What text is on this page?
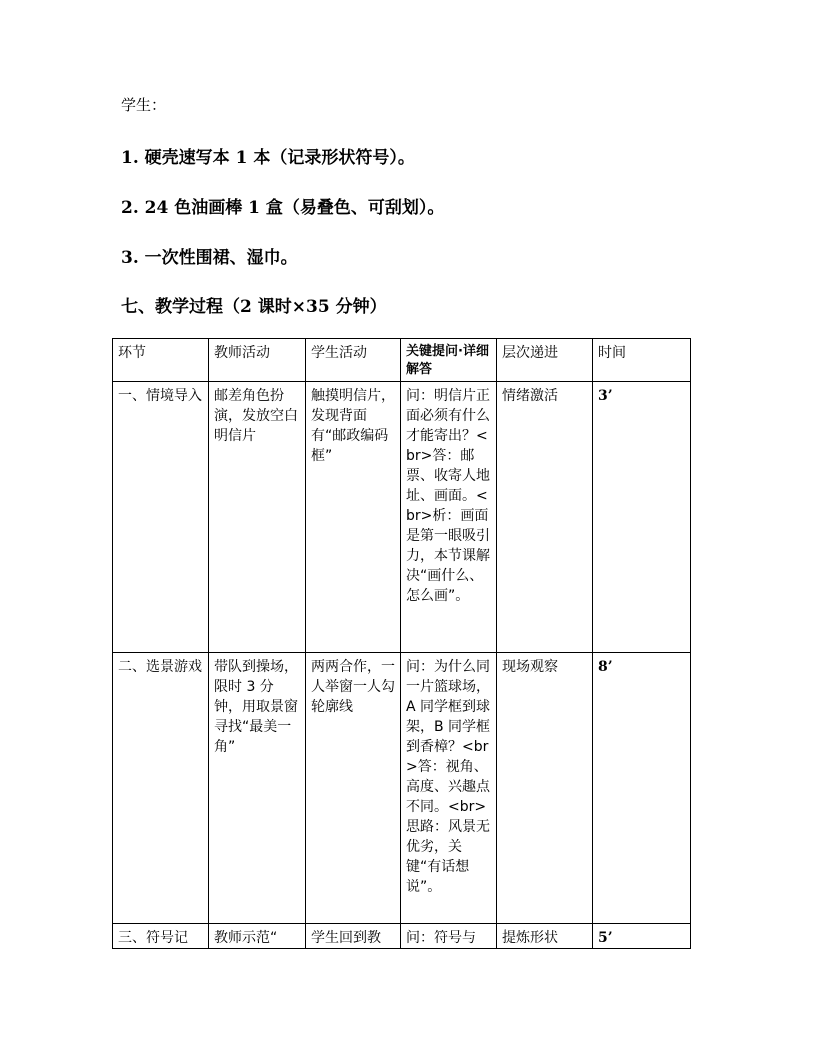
学生：
1. 硬壳速写本 1 本（记录形状符号）。
2. 24 色油画棒 1 盒（易叠色、可刮划）。
3. 一次性围裙、湿巾。
七、教学过程（2 课时×35 分钟）
环节	教师活动	学生活动	关键提问·详细解答	层次递进	时间
一、情境导入	邮差角色扮演，发放空白明信片	触摸明信片，发现背面有“邮政编码框”	问：明信片正面必须有什么才能寄出？<br>答：邮票、收寄人地址、画面。<br>析：画面是第一眼吸引力，本节课解决“画什么、怎么画”。	情绪激活	3’
二、选景游戏	带队到操场，限时 3 分钟，用取景窗寻找“最美一角”	两两合作，一人举窗一人勾轮廓线	问：为什么同一片篮球场，A 同学框到球架，B 同学框到香樟？<br>答：视角、高度、兴趣点不同。<br>思路：风景无优劣，关键“有话想说”。	现场观察	8’
三、符号记	教师示范“	学生回到教	问：符号与	提炼形状	5’
